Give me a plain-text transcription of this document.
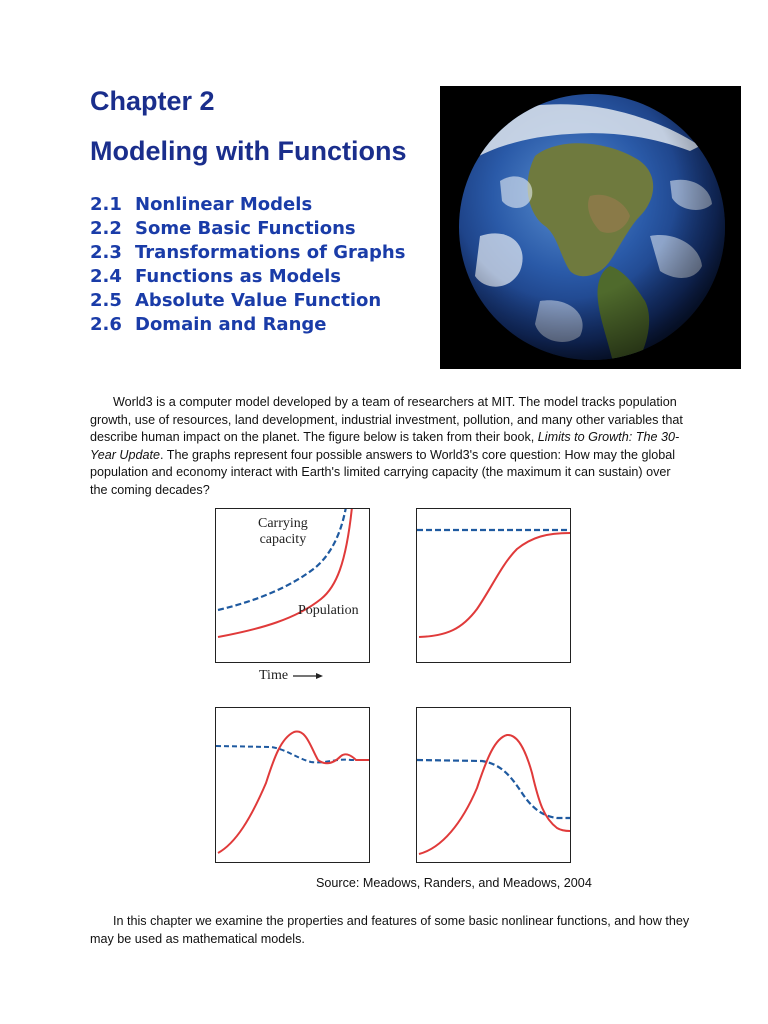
Chapter 2
Modeling with Functions
2.1 Nonlinear Models
2.2 Some Basic Functions
2.3 Transformations of Graphs
2.4 Functions as Models
2.5 Absolute Value Function
2.6 Domain and Range

World3 is a computer model developed by a team of researchers at MIT. The model tracks population growth, use of resources, land development, industrial investment, pollution, and many other variables that describe human impact on the planet. The figure below is taken from their book, Limits to Growth: The 30-Year Update. The graphs represent four possible answers to World3's core question: How may the global population and economy interact with Earth's limited carrying capacity (the maximum it can sustain) over the coming decades?

Carrying
capacity
Population
Time
Source: Meadows, Randers, and Meadows, 2004

In this chapter we examine the properties and features of some basic nonlinear functions, and how they may be used as mathematical models.
